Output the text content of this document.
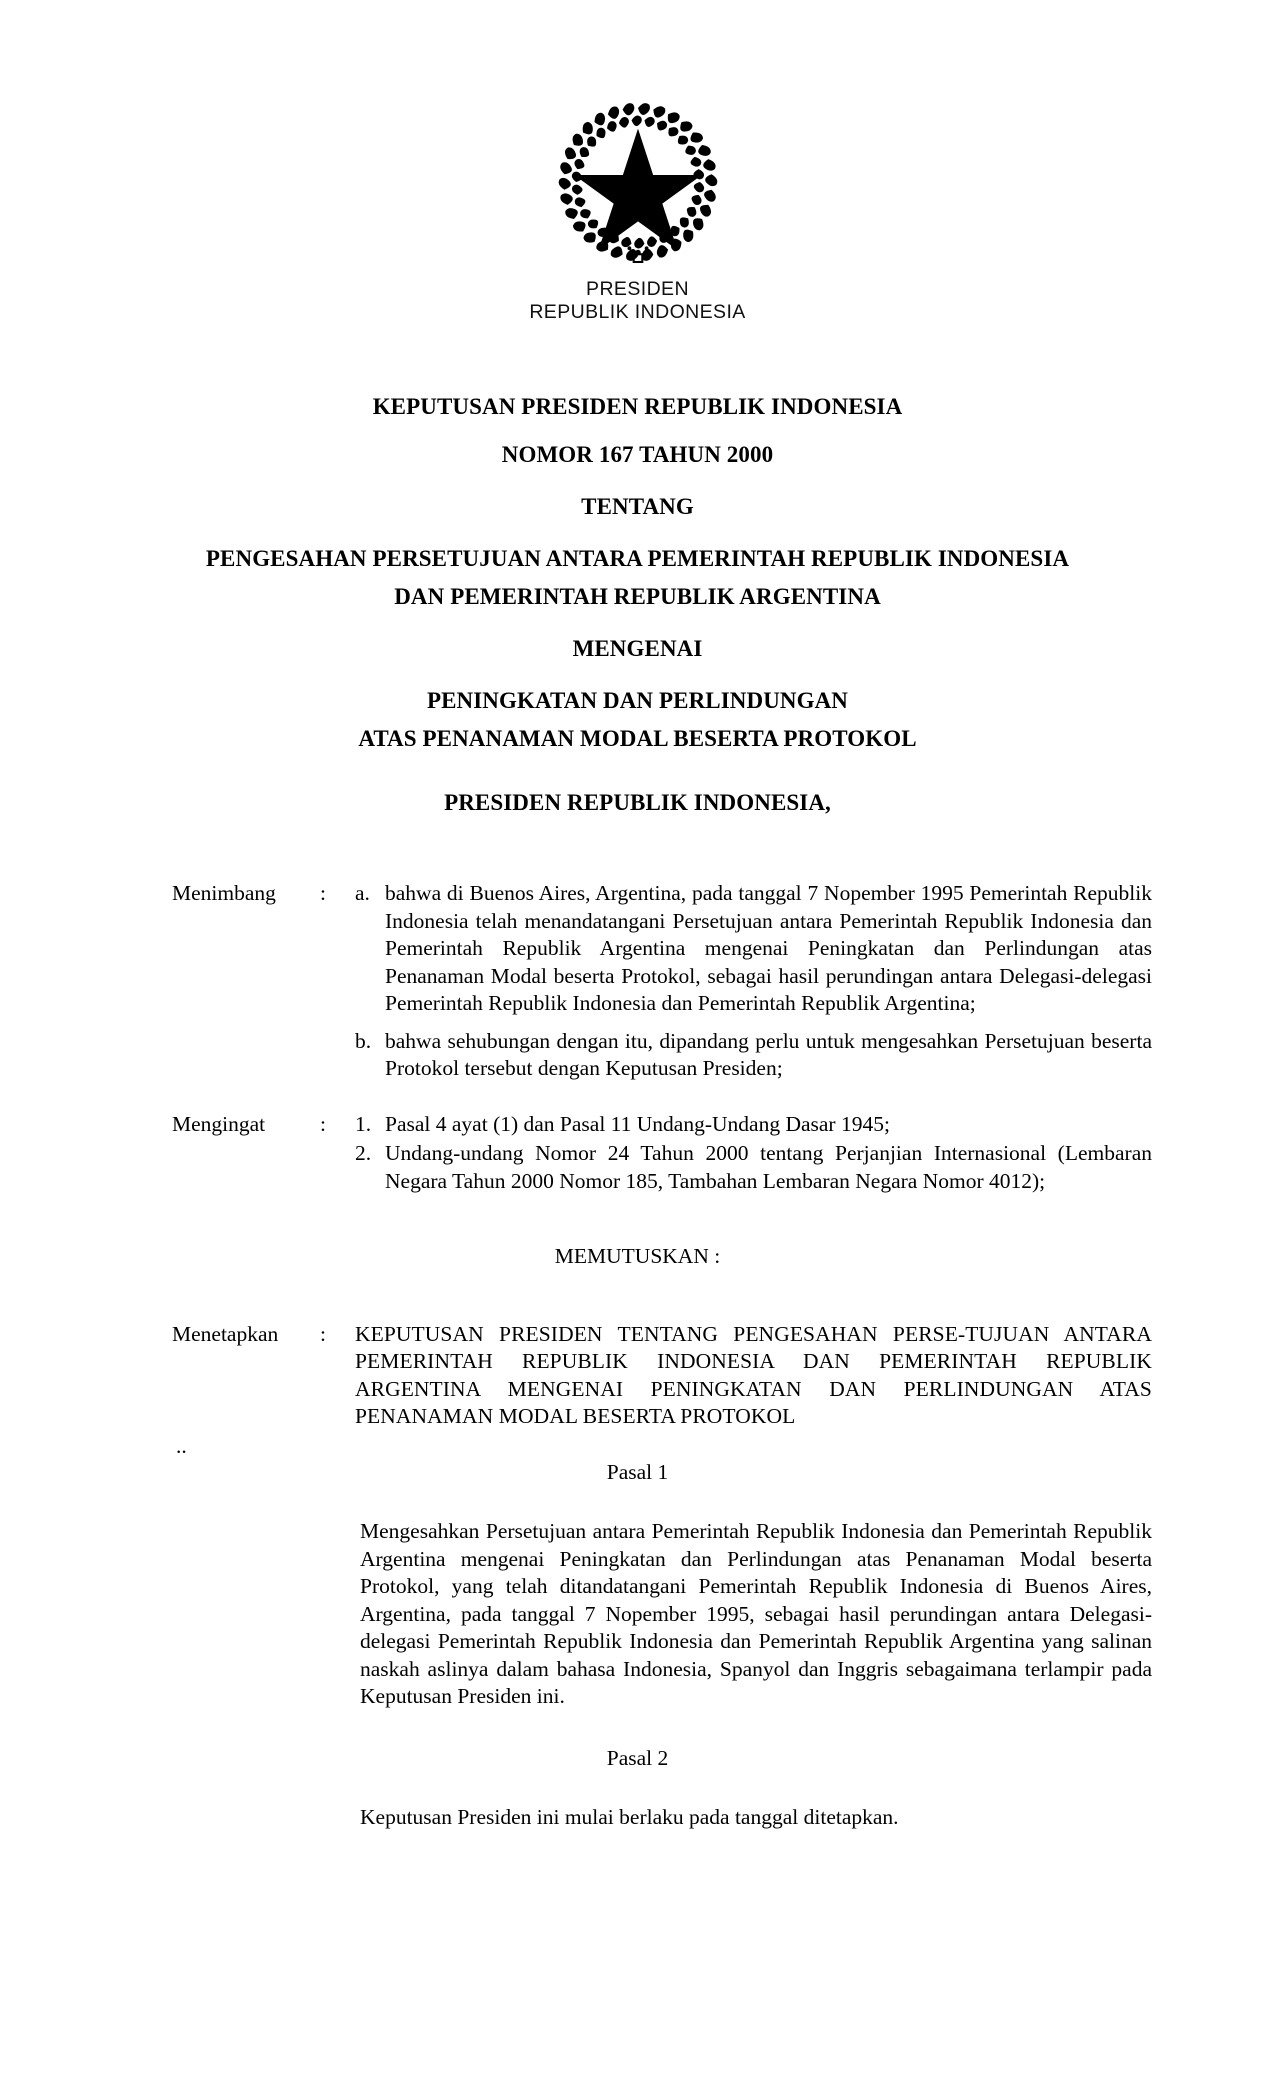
PRESIDEN
REPUBLIK INDONESIA
KEPUTUSAN PRESIDEN REPUBLIK INDONESIA
NOMOR 167 TAHUN 2000
TENTANG
PENGESAHAN PERSETUJUAN ANTARA PEMERINTAH REPUBLIK INDONESIA
DAN PEMERINTAH REPUBLIK ARGENTINA
MENGENAI
PENINGKATAN DAN PERLINDUNGAN
ATAS PENANAMAN MODAL BESERTA PROTOKOL
PRESIDEN REPUBLIK INDONESIA,
Menimbang	:	a. bahwa di Buenos Aires, Argentina, pada tanggal 7 Nopember 1995 Pemerintah Republik Indonesia telah menandatangani Persetujuan antara Pemerintah Republik Indonesia dan Pemerintah Republik Argentina mengenai Peningkatan dan Perlindungan atas Penanaman Modal beserta Protokol, sebagai hasil perundingan antara Delegasi-delegasi Pemerintah Republik Indonesia dan Pemerintah Republik Argentina;
b. bahwa sehubungan dengan itu, dipandang perlu untuk mengesahkan Persetujuan beserta Protokol tersebut dengan Keputusan Presiden;
Mengingat	:	1. Pasal 4 ayat (1) dan Pasal 11 Undang-Undang Dasar 1945;
2. Undang-undang Nomor 24 Tahun 2000 tentang Perjanjian Internasional (Lembaran Negara Tahun 2000 Nomor 185, Tambahan Lembaran Negara Nomor 4012);
MEMUTUSKAN :
Menetapkan	:	KEPUTUSAN PRESIDEN TENTANG PENGESAHAN PERSE-TUJUAN ANTARA PEMERINTAH REPUBLIK INDONESIA DAN PEMERINTAH REPUBLIK ARGENTINA MENGENAI PENINGKATAN DAN PERLINDUNGAN ATAS PENANAMAN MODAL BESERTA PROTOKOL
..
Pasal 1
Mengesahkan Persetujuan antara Pemerintah Republik Indonesia dan Pemerintah Republik Argentina mengenai Peningkatan dan Perlindungan atas Penanaman Modal beserta Protokol, yang telah ditandatangani Pemerintah Republik Indonesia di Buenos Aires, Argentina, pada tanggal 7 Nopember 1995, sebagai hasil perundingan antara Delegasi-delegasi Pemerintah Republik Indonesia dan Pemerintah Republik Argentina yang salinan naskah aslinya dalam bahasa Indonesia, Spanyol dan Inggris sebagaimana terlampir pada Keputusan Presiden ini.
Pasal 2
Keputusan Presiden ini mulai berlaku pada tanggal ditetapkan.
